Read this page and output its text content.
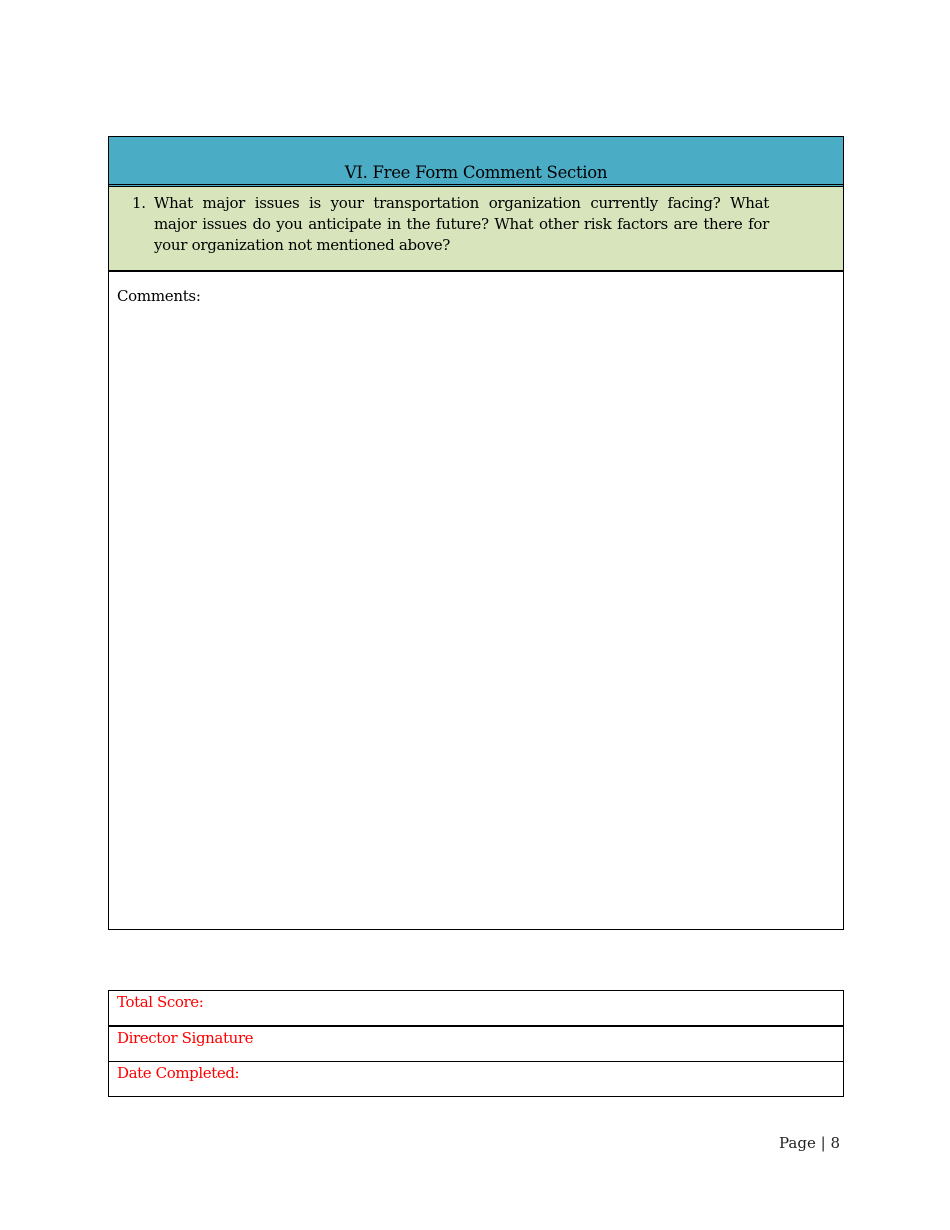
VI. Free Form Comment Section
1. What major issues is your transportation organization currently facing? What major issues do you anticipate in the future? What other risk factors are there for your organization not mentioned above?
Comments:
Total Score:
Director Signature
Date Completed:
Page | 8
